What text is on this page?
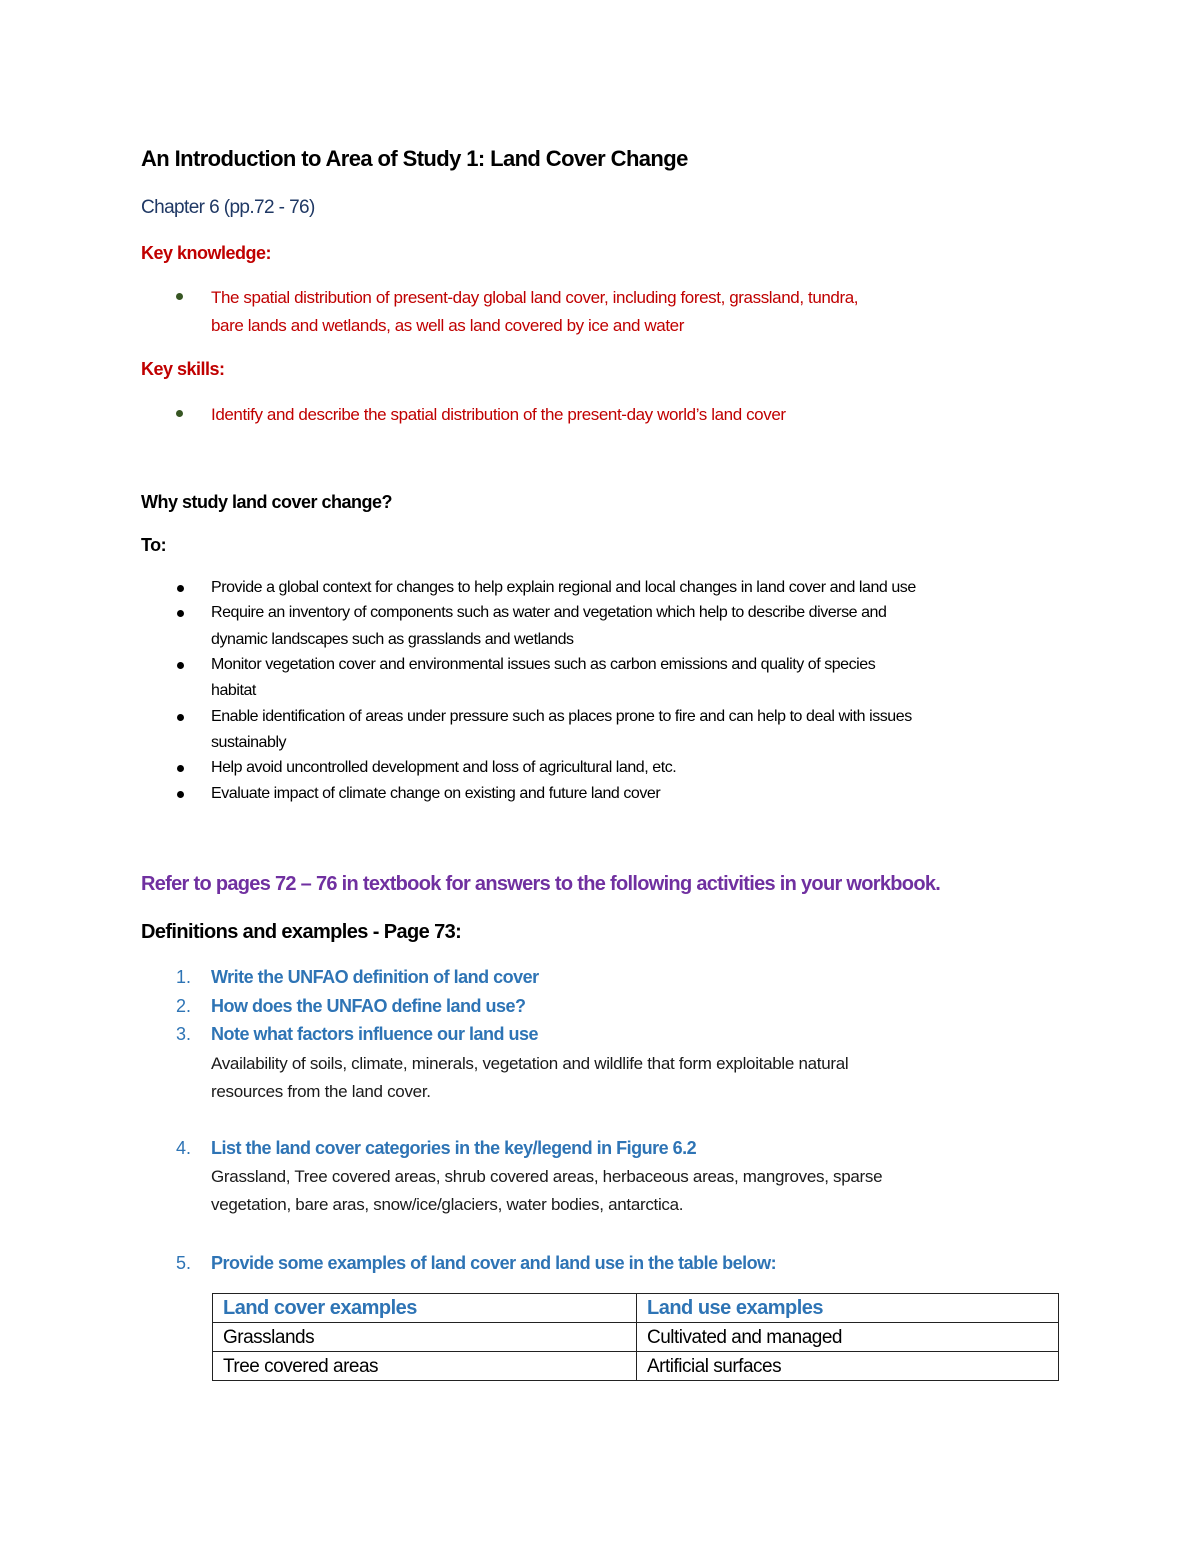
An Introduction to Area of Study 1: Land Cover Change
Chapter 6 (pp.72 - 76)
Key knowledge:
The spatial distribution of present-day global land cover, including forest, grassland, tundra,
bare lands and wetlands, as well as land covered by ice and water
Key skills:
Identify and describe the spatial distribution of the present-day world’s land cover
Why study land cover change?
To:
Provide a global context for changes to help explain regional and local changes in land cover and land use
Require an inventory of components such as water and vegetation which help to describe diverse and
dynamic landscapes such as grasslands and wetlands
Monitor vegetation cover and environmental issues such as carbon emissions and quality of species
habitat
Enable identification of areas under pressure such as places prone to fire and can help to deal with issues
sustainably
Help avoid uncontrolled development and loss of agricultural land, etc.
Evaluate impact of climate change on existing and future land cover
Refer to pages 72 – 76 in textbook for answers to the following activities in your workbook.
Definitions and examples - Page 73:
1. Write the UNFAO definition of land cover
2. How does the UNFAO define land use?
3. Note what factors influence our land use
Availability of soils, climate, minerals, vegetation and wildlife that form exploitable natural
resources from the land cover.
4. List the land cover categories in the key/legend in Figure 6.2
Grassland, Tree covered areas, shrub covered areas, herbaceous areas, mangroves, sparse
vegetation, bare aras, snow/ice/glaciers, water bodies, antarctica.
5. Provide some examples of land cover and land use in the table below:
Land cover examples	Land use examples
Grasslands	Cultivated and managed
Tree covered areas	Artificial surfaces
